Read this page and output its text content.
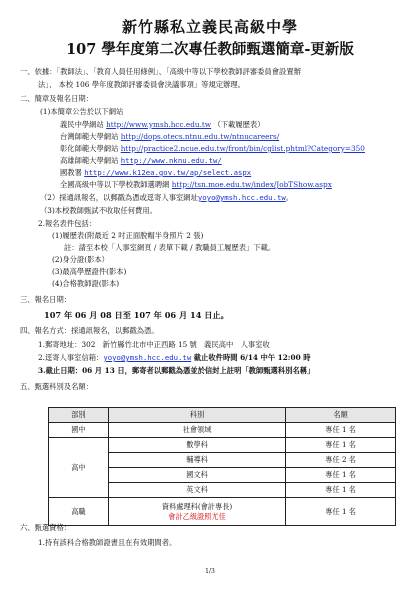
新竹縣私立義民高級中學
107 學年度第二次專任教師甄選簡章-更新版
一、依據：「教師法」、「教育人員任用條例」、「高級中等以下學校教師評審委員會設置辦
法」、 本校 106 學年度教師評審委員會決議事項」等規定辦理。
二、簡章及報名日期：
(1)本簡章公告於以下網站
義民中學網站 http://www.ymsh.hcc.edu.tw （下載履歷表）
台灣師範大學網站 http://dops.otecs.ntnu.edu.tw/ntnucareers/
彰化師範大學網站 http://practice2.ncue.edu.tw/front/bin/cglist.phtml?Category=350
高雄師範大學網站 http://www.nknu.edu.tw/
國教署 http://www.k12ea.gov.tw/ap/select.aspx
全國高級中等以下學校教師選聘網 http://tsn.moe.edu.tw/index/JobTShow.aspx
（2）採通訊報名，以郵戳為憑或逕寄人事室網址yoyo@ymsh.hcc.edu.tw。
（3)本校教師甄試不收取任何費用。
2.報名表件包括：
(1)履歷表(附最近 2 吋正面脫帽半身照片 2 張)
註：請至本校「人事室網頁 / 表單下載 / 教職員工履歷表」下載。
(2)身分證(影本）
(3)最高學歷證件(影本)
(4)合格教師證(影本)
三、報名日期：
107 年 06 月 08 日至 107 年 06 月 14 日止。
四、報名方式：採通訊報名，以郵戳為憑。
1.郵寄地址：302　新竹縣竹北市中正西路 15 號　義民高中　人事室收
2.逕寄人事室信箱：yoyo@ymsh.hcc.edu.tw 截止收件時間 6/14 中午 12:00 時
3.截止日期：06 月 13 日，郵寄者以郵戳為憑並於信封上註明「教師甄選科別名稱」
五、甄選科別及名額：
部別	科別	名額
國中	社會領域	專任 1 名
高中	數學科	專任 1 名
	輔導科	專任 2 名
	國文科	專任 1 名
	英文科	專任 1 名
高職	資料處理科(會計專長)
會計乙級證照尤佳	專任 1 名
六、甄選資格：
1.持有該科合格教師證書且在有效期間者。
1/3
